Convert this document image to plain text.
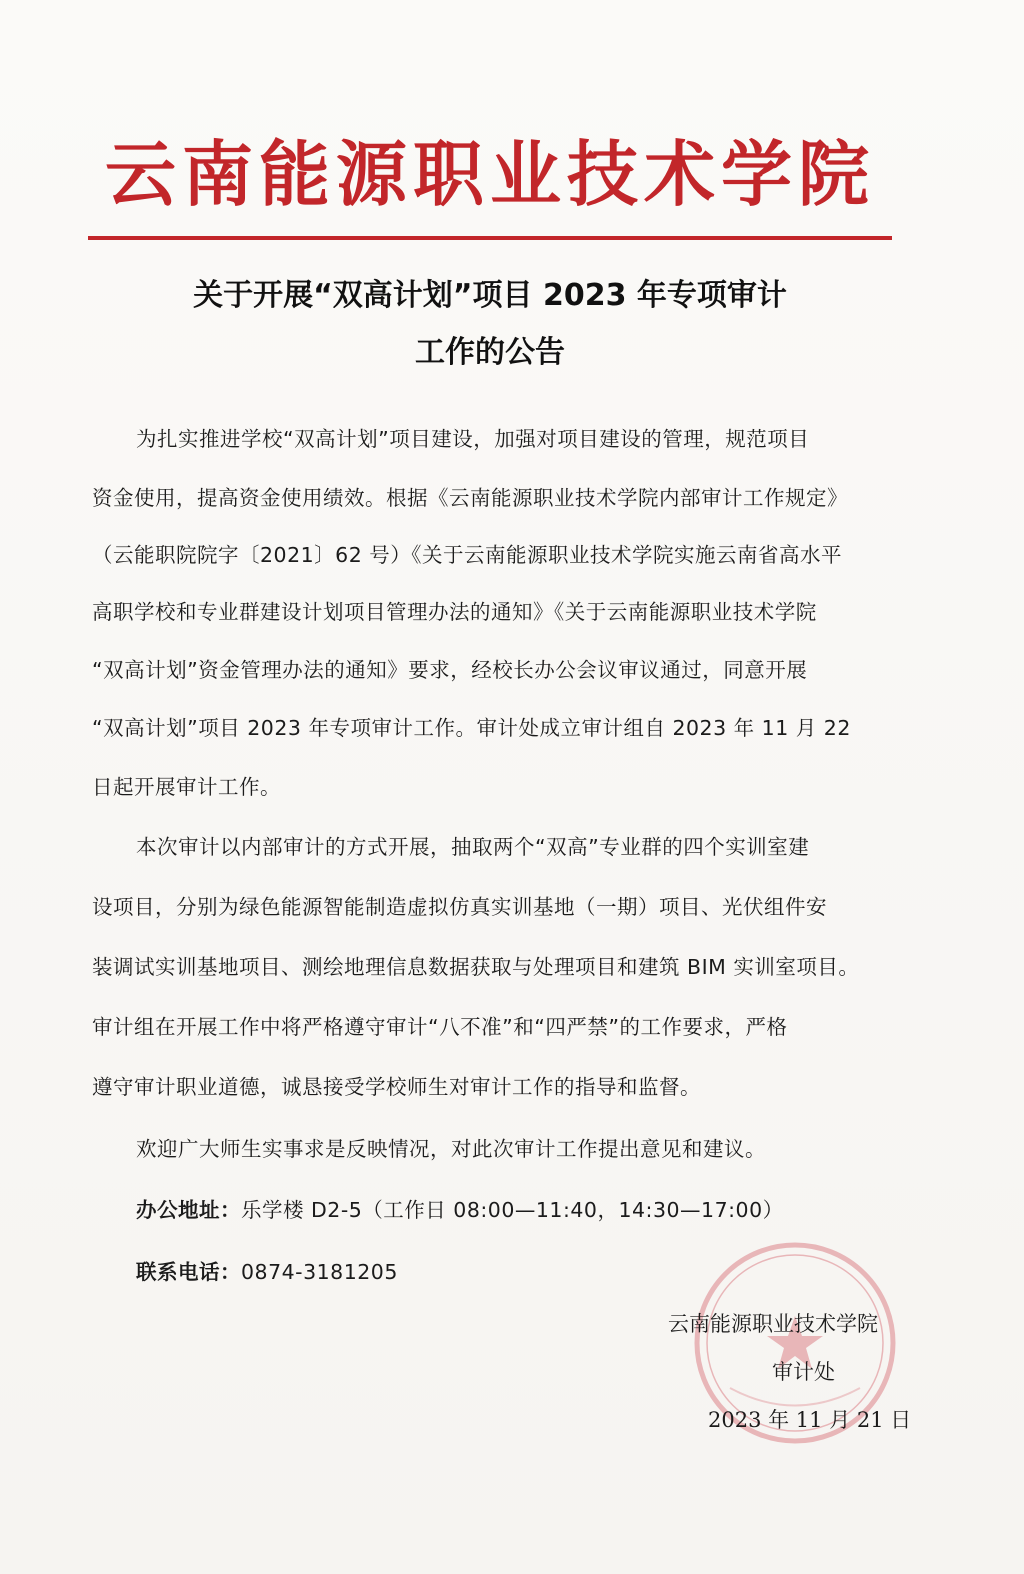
云南能源职业技术学院
关于开展“双高计划”项目 2023 年专项审计
工作的公告
为扎实推进学校“双高计划”项目建设，加强对项目建设的管理，规范项目
资金使用，提高资金使用绩效。根据《云南能源职业技术学院内部审计工作规定》
（云能职院院字〔2021〕62 号）《关于云南能源职业技术学院实施云南省高水平
高职学校和专业群建设计划项目管理办法的通知》《关于云南能源职业技术学院
“双高计划”资金管理办法的通知》要求，经校长办公会议审议通过，同意开展
“双高计划”项目 2023 年专项审计工作。审计处成立审计组自 2023 年 11 月 22
日起开展审计工作。
本次审计以内部审计的方式开展，抽取两个“双高”专业群的四个实训室建
设项目，分别为绿色能源智能制造虚拟仿真实训基地（一期）项目、光伏组件安
装调试实训基地项目、测绘地理信息数据获取与处理项目和建筑 BIM 实训室项目。
审计组在开展工作中将严格遵守审计“八不准”和“四严禁”的工作要求，严格
遵守审计职业道德，诚恳接受学校师生对审计工作的指导和监督。
欢迎广大师生实事求是反映情况，对此次审计工作提出意见和建议。
办公地址：乐学楼 D2-5（工作日 08:00—11:40，14:30—17:00）
联系电话：0874-3181205
云南能源职业技术学院
审计处
2023 年 11 月 21 日
